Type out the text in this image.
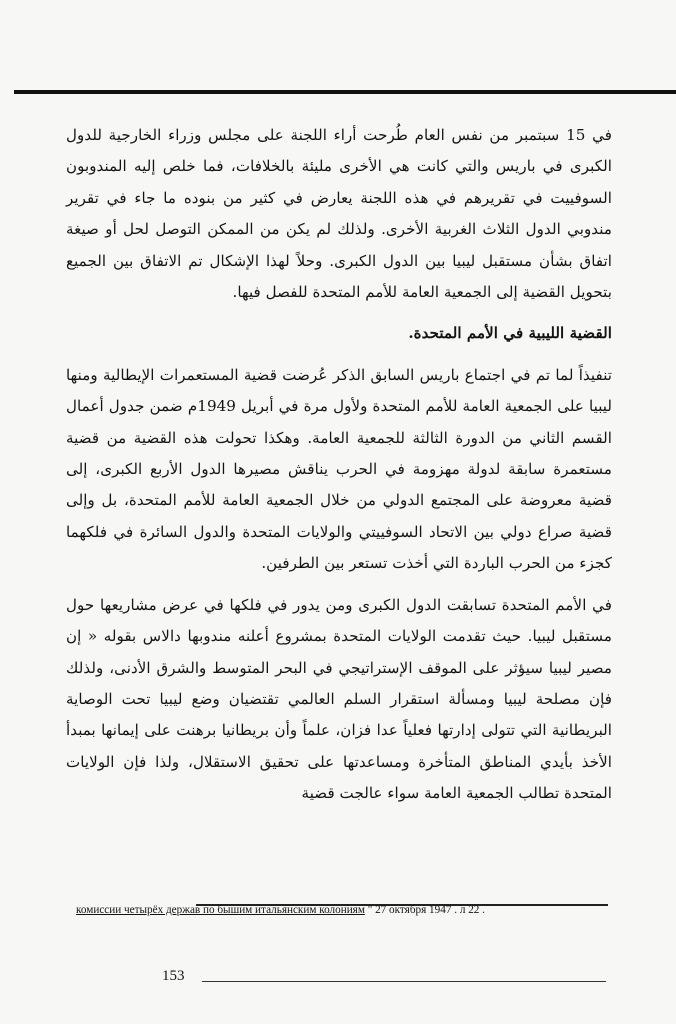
في 15 سبتمبر من نفس العام طُرحت أراء اللجنة على مجلس وزراء الخارجية للدول الكبرى في باريس والتي كانت هي الأخرى مليئة بالخلافات، فما خلص إليه المندوبون السوفييت في تقريرهم في هذه اللجنة يعارض في كثير من بنوده ما جاء في تقرير مندوبي الدول الثلاث الغربية الأخرى. ولذلك لم يكن من الممكن التوصل لحل أو صيغة اتفاق بشأن مستقبل ليبيا بين الدول الكبرى. وحلاً لهذا الإشكال تم الاتفاق بين الجميع بتحويل القضية إلى الجمعية العامة للأمم المتحدة للفصل فيها.

القضية الليبية في الأمم المتحدة.

تنفيذاً لما تم في اجتماع باريس السابق الذكر عُرضت قضية المستعمرات الإيطالية ومنها ليبيا على الجمعية العامة للأمم المتحدة ولأول مرة في أبريل 1949م ضمن جدول أعمال القسم الثاني من الدورة الثالثة للجمعية العامة. وهكذا تحولت هذه القضية من قضية مستعمرة سابقة لدولة مهزومة في الحرب يناقش مصيرها الدول الأربع الكبرى، إلى قضية معروضة على المجتمع الدولي من خلال الجمعية العامة للأمم المتحدة، بل وإلى قضية صراع دولي بين الاتحاد السوفييتي والولايات المتحدة والدول السائرة في فلكهما كجزء من الحرب الباردة التي أخذت تستعر بين الطرفين.

في الأمم المتحدة تسابقت الدول الكبرى ومن يدور في فلكها في عرض مشاريعها حول مستقبل ليبيا. حيث تقدمت الولايات المتحدة بمشروع أعلنه مندوبها دالاس بقوله « إن مصير ليبيا سيؤثر على الموقف الإستراتيجي في البحر المتوسط والشرق الأدنى، ولذلك فإن مصلحة ليبيا ومسألة استقرار السلم العالمي تقتضيان وضع ليبيا تحت الوصاية البريطانية التي تتولى إدارتها فعلياً عدا فزان، علماً وأن بريطانيا برهنت على إيمانها بمبدأ الأخذ بأيدي المناطق المتأخرة ومساعدتها على تحقيق الاستقلال، ولذا فإن الولايات المتحدة تطالب الجمعية العامة سواء عالجت قضية

комиссии четырёх держав по бышим итальянским колониям " 27 октября 1947 . л 22 .
153
